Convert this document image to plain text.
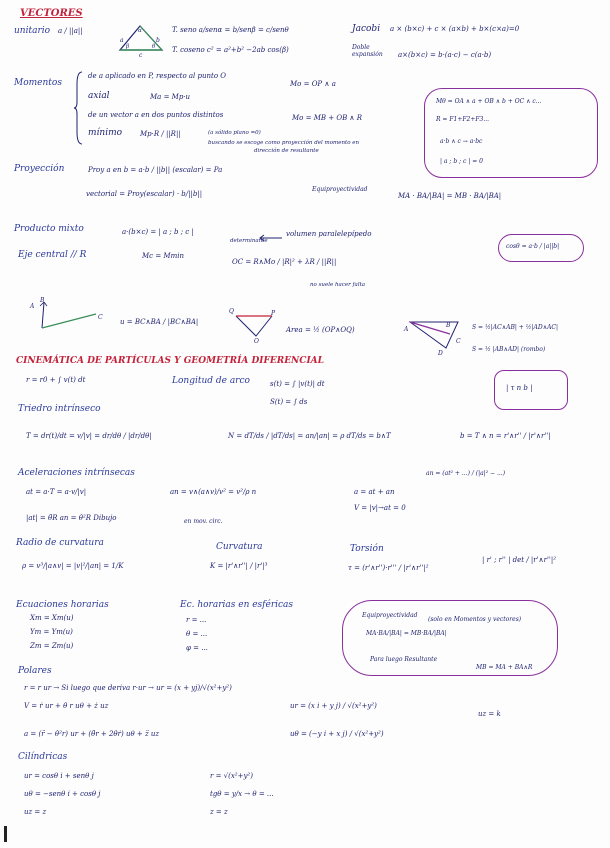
VECTORES
unitario a / ||a||
a	b
c
α
β	θ
T. seno a/senα = b/senβ = c/senθ
T. coseno c² = a²+b² −2ab cos(β)
Jacobi a × (b×c) + c × (a×b) + b×(c×a)=0
Doble expansión	a×(b×c) = b·(a·c) − c(a·b)
Momentos
de a aplicado en P, respecto al punto O
Mo = OP ∧ a
axial	Ma = Mp·u
de un vector a en dos puntos distintos	Mo = MB + OB ∧ R
mínimo	Mp·R / ||R||	(a sólido plano =0)
buscando se escoge como proyección del momento en
dirección de resultante
Mθ = OA ∧ a + OB ∧ b + OC ∧ c...
R = F1+F2+F3...
a·b ∧ c → a·bc
| a ; b ; c | = 0
Proyección	Proy a en b = a·b / ||b|| (escalar) = Pa
vectorial = Proy(escalar) · b/||b||
Equiproyectividad
MA · BA/|BA| = MB · BA/|BA|
Producto mixto	a·(b×c) = | a ; b ; c |
determinante
volumen paralelepípedo
Eje central // R	Mc = Mmin
OC = R∧Mo / |R|² + λR / ||R||
no suele hacer falta
cosθ = a·b / |a||b|
A
B
C
u = BC∧BA / |BC∧BA|
Q	P
O
Area = ½ (OP∧OQ)	A
B
C
D
S = ½|AC∧AB| + ½|AD∧AC|
S = ½ |AB∧AD| (rombo)
CINEMÁTICA DE PARTÍCULAS Y GEOMETRÍA DIFERENCIAL
r = r0 + ∫ v(t) dt	Longitud de arco	s(t) = ∫ |v(t)| dt
S(t) = ∫ ds
| τ n b |
Triedro intrínseco
T = dr(t)/dt = v/|v| = dr/dθ / |dr/dθ|	N = dT/ds / |dT/ds| = an/|an| = ρ dT/ds = b∧T	b = T ∧ n = r'∧r'' / |r'∧r''|
Aceleraciones intrínsecas	an = (at² + ...) / (|a|² − ...)
at = a·T = a·v/|v|	an = v∧(a∧v)/v² = v²/ρ n	a = at + an
V = |v|→at = 0
|at| = θ̈R an = θ̇²R Dibujo	en mov. circ.
Radio de curvatura
ρ = v³/|a∧v| = |v|²/|an| = 1/K
Curvatura
K = |r'∧r''| / |r'|³
Torsión
τ = (r'∧r'')·r''' / |r'∧r''|²
| r' ; r'' | det / |r'∧r''|²
Ecuaciones horarias
Xm = Xm(u)
Ym = Ym(u)
Zm = Zm(u)
Ec. horarias en esféricas
r = ...
θ = ...
φ = ...
Equiproyectividad
(solo en Momentos y vectores)
MA·BA/|BA| = MB·BA/|BA|
Para luego Resultante
MB = MA + BA∧R
Polares
r = r ur → Si luego que deriva r·ur → ur = (x + yj)/√(x²+y²)
V = ṙ ur + θ̇ r uθ + ż uz
a = (r̈ − θ̇²r) ur + (θ̈r + 2θ̇ṙ) uθ + z̈ uz
ur = (x i + y j) / √(x²+y²)
uθ = (−y i + x j) / √(x²+y²)
uz = k
Cilíndricas
ur = cosθ i + senθ j
uθ = −senθ i + cosθ j
uz = z
r = √(x²+y²)
tgθ = y/x → θ = ...
z = z
